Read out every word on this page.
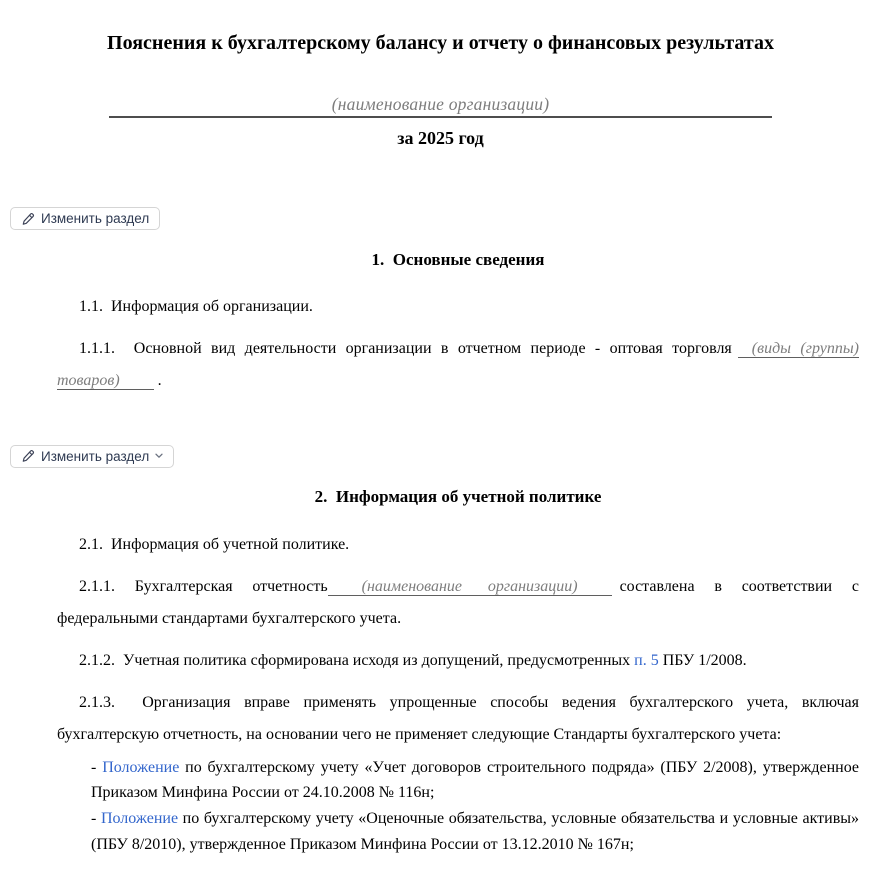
Пояснения к бухгалтерскому балансу и отчету о финансовых результатах
(наименование организации)
за 2025 год
Изменить раздел
1.  Основные сведения

1.1.  Информация об организации.

1.1.1.  Основной вид деятельности организации в отчетном периоде - оптовая торговля (виды (группы) товаров) .

Изменить раздел
2.  Информация об учетной политике

2.1.  Информация об учетной политике.

2.1.1. Бухгалтерская отчетность (наименование организации)	составлена в соответствии с федеральными стандартами бухгалтерского учета.

2.1.2.  Учетная политика сформирована исходя из допущений, предусмотренных п. 5 ПБУ 1/2008.

2.1.3.  Организация вправе применять упрощенные способы ведения бухгалтерского учета, включая бухгалтерскую отчетность, на основании чего не применяет следующие Стандарты бухгалтерского учета:

- Положение по бухгалтерскому учету «Учет договоров строительного подряда» (ПБУ 2/2008), утвержденное Приказом Минфина России от 24.10.2008 № 116н;

- Положение по бухгалтерскому учету «Оценочные обязательства, условные обязательства и условные активы» (ПБУ 8/2010), утвержденное Приказом Минфина России от 13.12.2010 № 167н;
